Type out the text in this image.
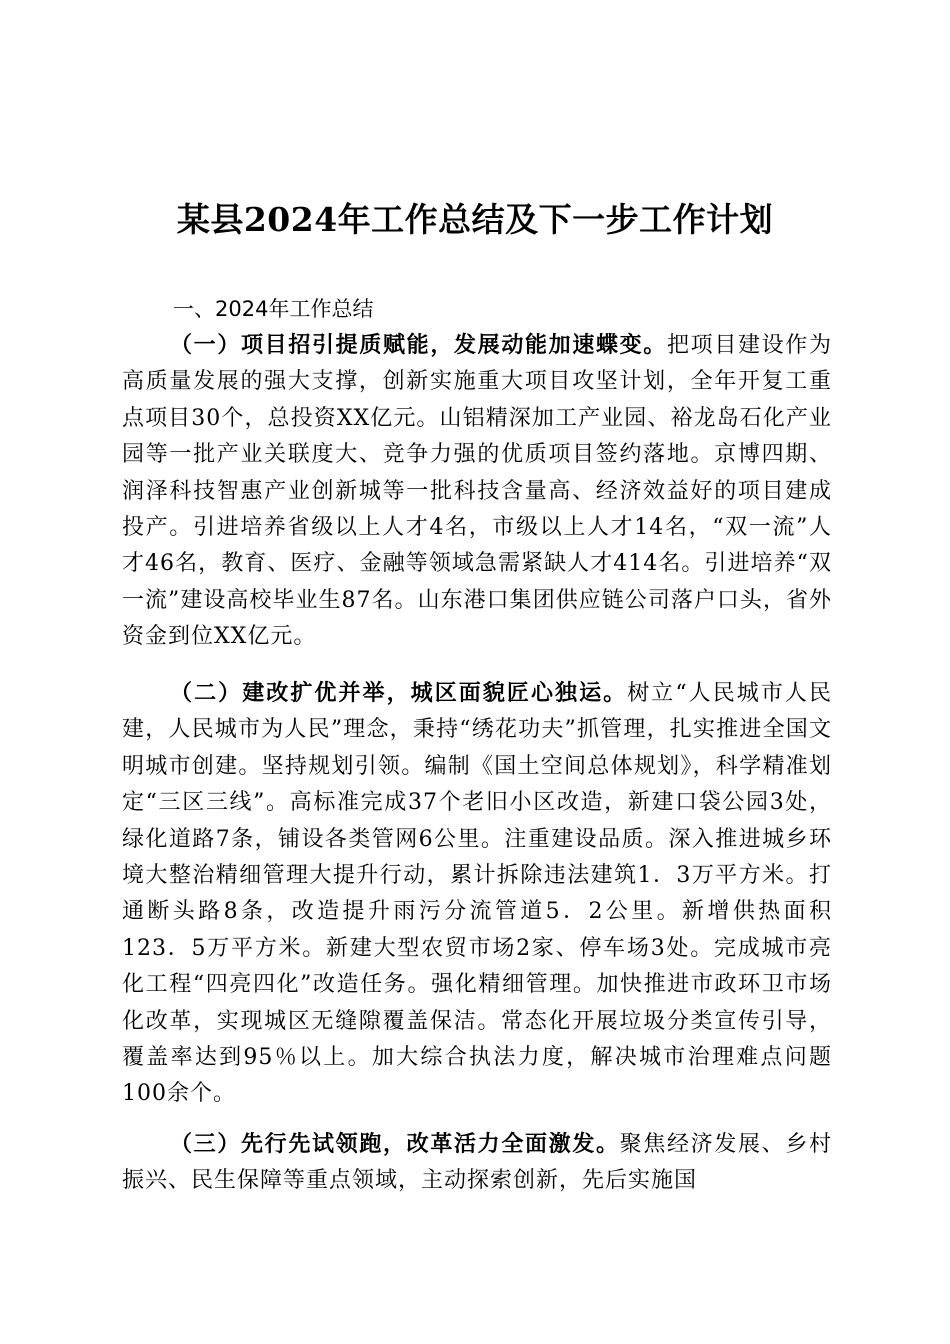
某县2024年工作总结及下一步工作计划
一、2024年工作总结
（一）项目招引提质赋能，发展动能加速蝶变。把项目建设作为高质量发展的强大支撑，创新实施重大项目攻坚计划，全年开复工重点项目30个，总投资XX亿元。山铝精深加工产业园、裕龙岛石化产业园等一批产业关联度大、竞争力强的优质项目签约落地。京博四期、润泽科技智惠产业创新城等一批科技含量高、经济效益好的项目建成投产。引进培养省级以上人才4名，市级以上人才14名，“双一流”人才46名，教育、医疗、金融等领域急需紧缺人才414名。引进培养“双一流”建设高校毕业生87名。山东港口集团供应链公司落户口头，省外资金到位XX亿元。
（二）建改扩优并举，城区面貌匠心独运。树立“人民城市人民建，人民城市为人民”理念，秉持“绣花功夫”抓管理，扎实推进全国文明城市创建。坚持规划引领。编制《国土空间总体规划》，科学精准划定“三区三线”。高标准完成37个老旧小区改造，新建口袋公园3处，绿化道路7条，铺设各类管网6公里。注重建设品质。深入推进城乡环境大整治精细管理大提升行动，累计拆除违法建筑1．3万平方米。打通断头路8条，改造提升雨污分流管道5．2公里。新增供热面积123．5万平方米。新建大型农贸市场2家、停车场3处。完成城市亮化工程“四亮四化”改造任务。强化精细管理。加快推进市政环卫市场化改革，实现城区无缝隙覆盖保洁。常态化开展垃圾分类宣传引导，覆盖率达到95％以上。加大综合执法力度，解决城市治理难点问题100余个。
（三）先行先试领跑，改革活力全面激发。聚焦经济发展、乡村振兴、民生保障等重点领域，主动探索创新，先后实施国
